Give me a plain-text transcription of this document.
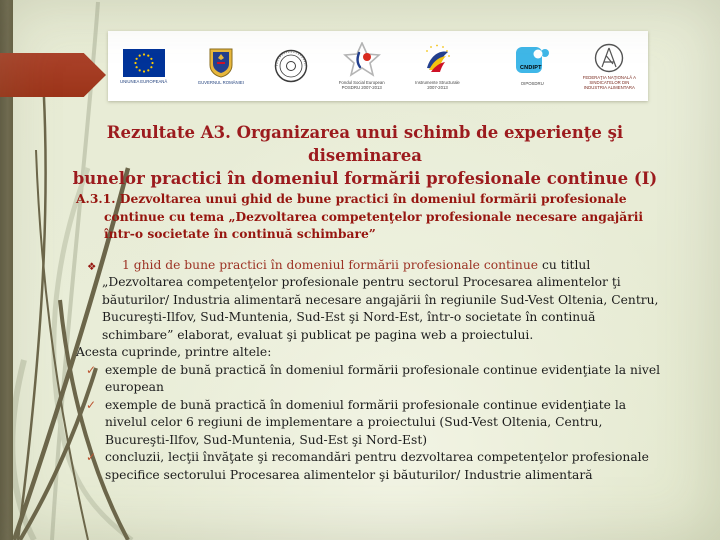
UNIUNEA EUROPEANĂ	GUVERNUL ROMÂNIEI	Fondul Social European
POSDRU 2007-2013
Instrumente Structurale
2007-2013
CNDIPT
OIPOSDRU
FEDERAŢIA NAŢIONALĂ A
SINDICATELOR DIN
INDUSTRIA ALIMENTARA
Rezultate A3. Organizarea unui schimb de experienţe şi diseminarea
bunelor practici în domeniul formării profesionale continue (I)

A.3.1. Dezvoltarea unui ghid de bune practici în domeniul formării profesionale continue cu tema „Dezvoltarea competenţelor profesionale necesare angajării într-o societate în continuă schimbare”

❖	1 ghid de bune practici în domeniul formării profesionale continue cu titlul „Dezvoltarea competenţelor profesionale pentru sectorul Procesarea alimentelor ţi băuturilor/ Industria alimentară necesare angajării în regiunile Sud-Vest Oltenia, Centru, Bucureşti-Ilfov, Sud-Muntenia, Sud-Est şi Nord-Est, într-o societate în continuă schimbare” elaborat, evaluat şi publicat pe pagina web a proiectului.

Acesta cuprinde, printre altele:

✓ exemple de bună practică în domeniul formării profesionale continue evidenţiate la nivel european
✓ exemple de bună practică în domeniul formării profesionale continue evidenţiate la nivelul celor 6 regiuni de implementare a proiectului (Sud-Vest Oltenia, Centru, Bucureşti-Ilfov, Sud-Muntenia, Sud-Est şi Nord-Est)
✓ concluzii, lecţii învăţate şi recomandări pentru dezvoltarea competenţelor profesionale specifice sectorului Procesarea alimentelor şi băuturilor/ Industrie alimentară
